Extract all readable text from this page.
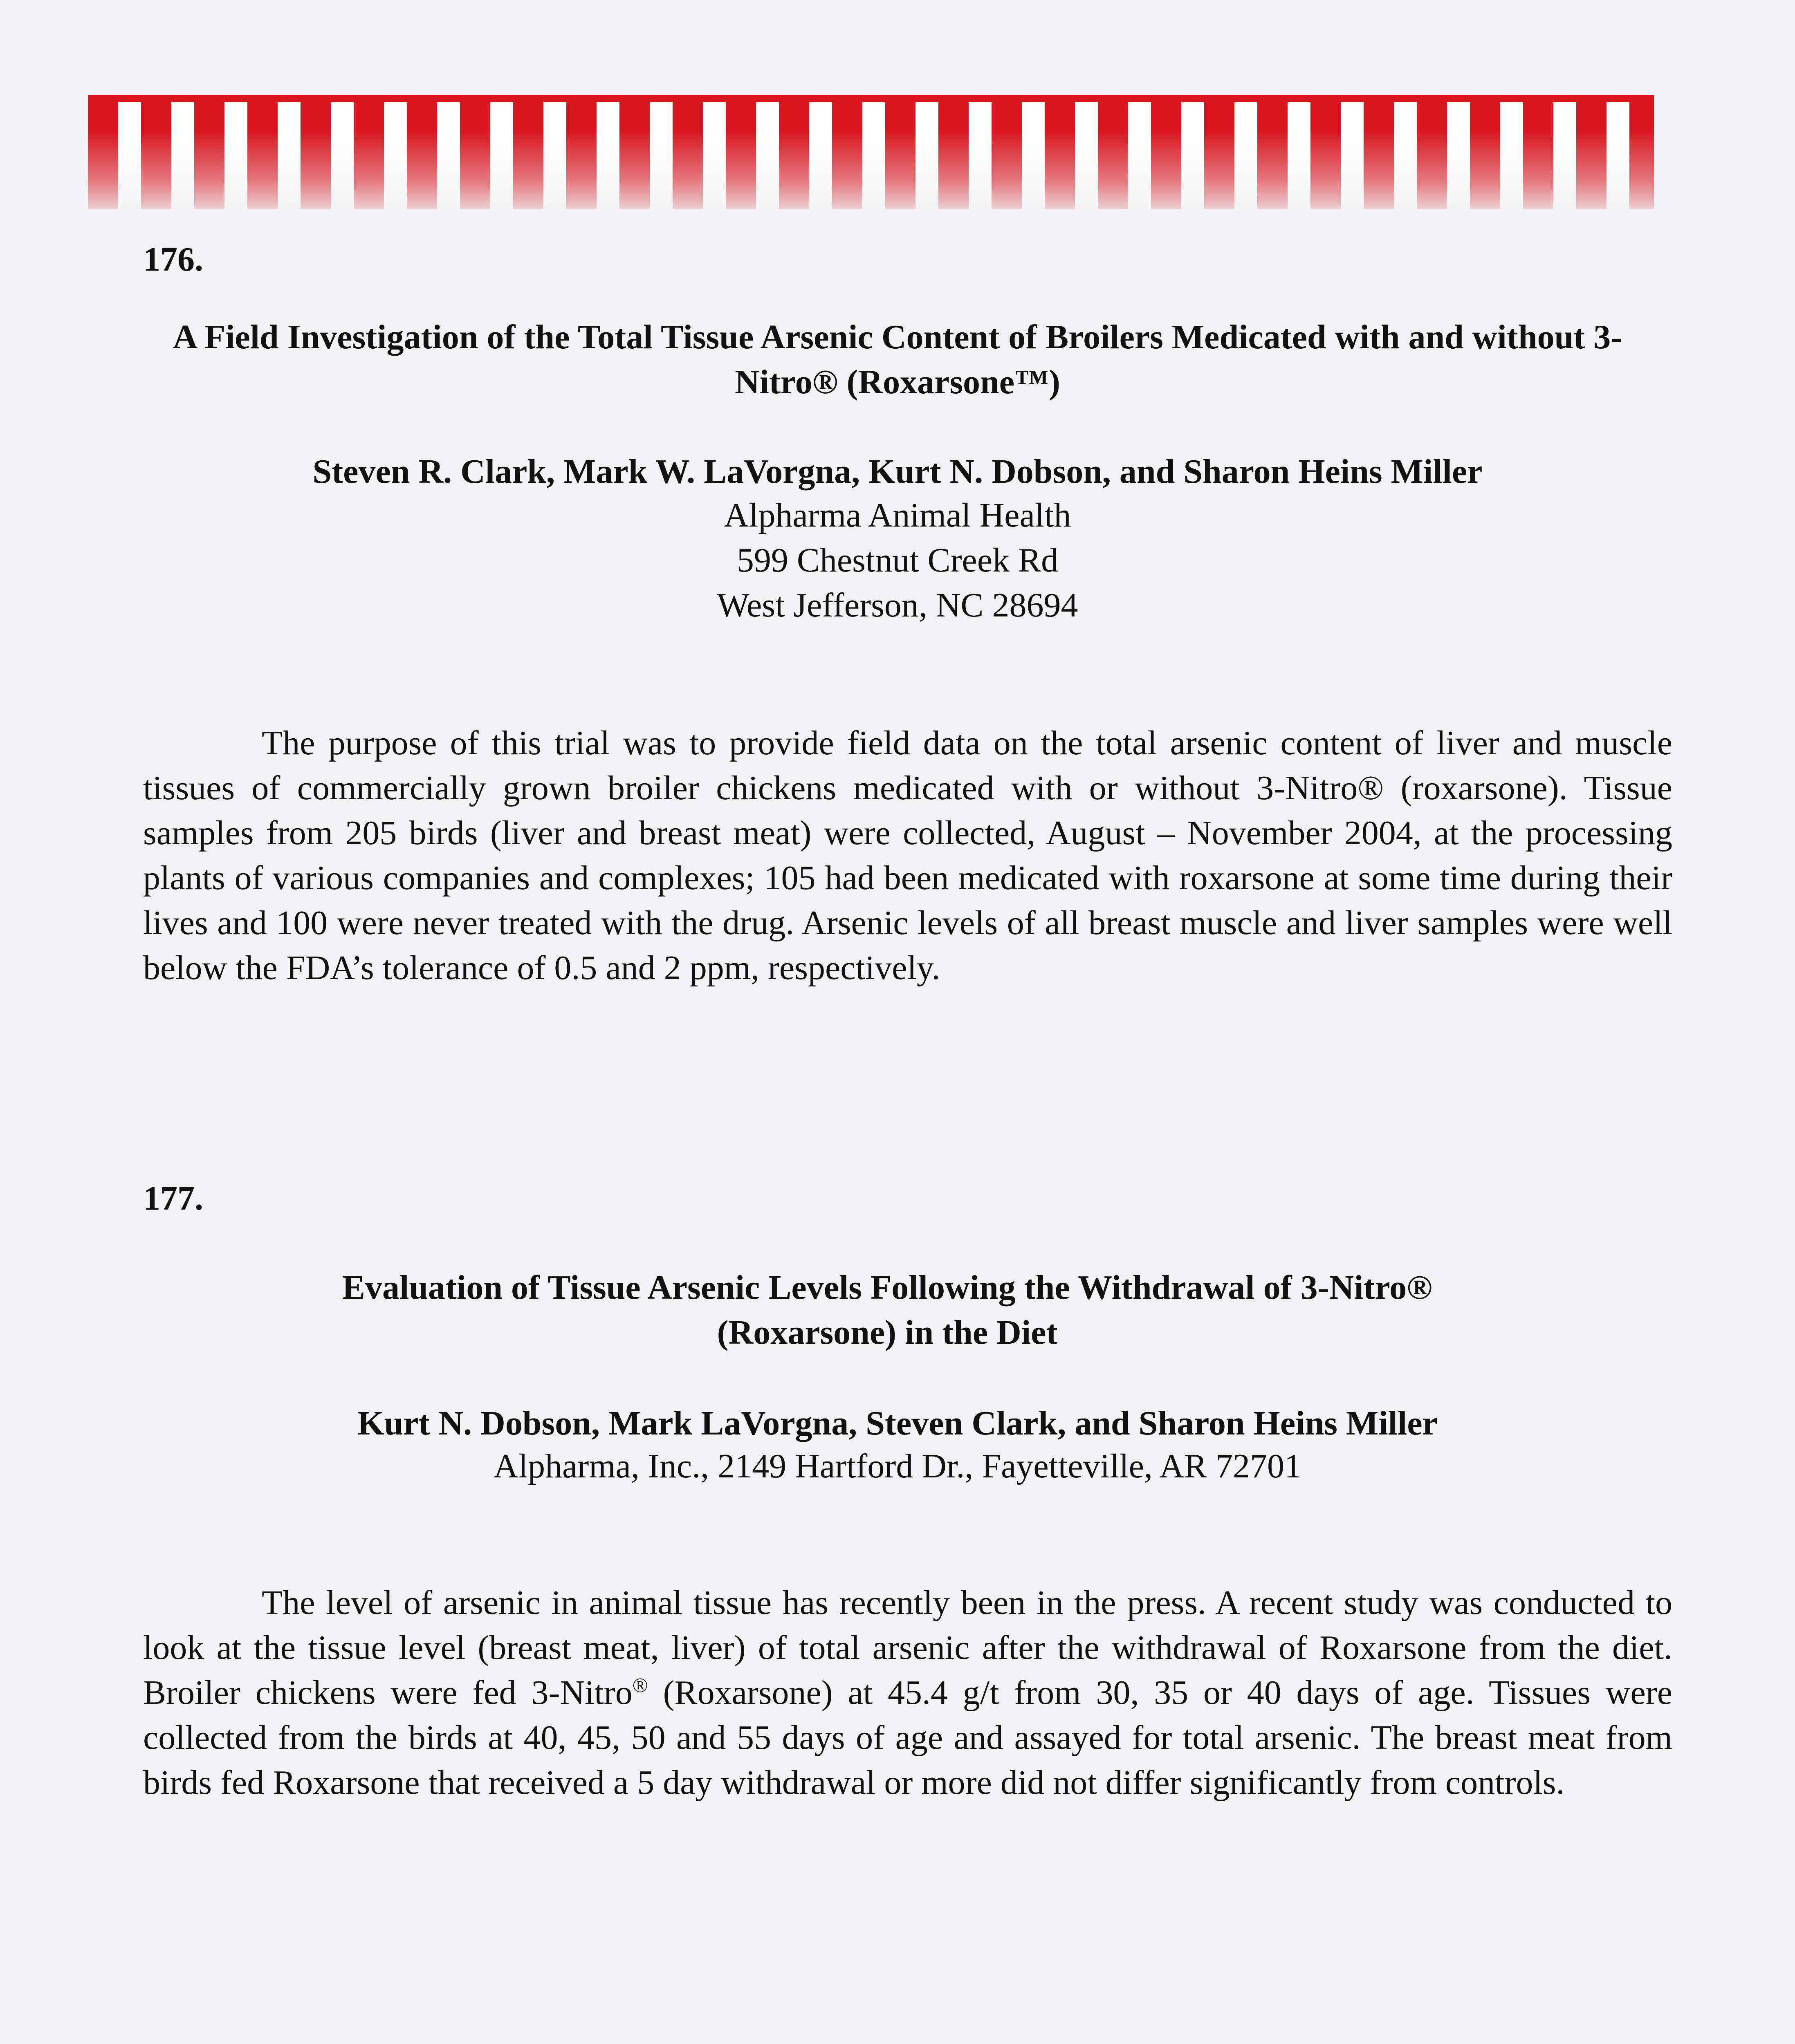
176.
A Field Investigation of the Total Tissue Arsenic Content of Broilers Medicated with and without 3-Nitro® (Roxarsone™)
Steven R. Clark, Mark W. LaVorgna, Kurt N. Dobson, and Sharon Heins Miller
Alpharma Animal Health
599 Chestnut Creek Rd
West Jefferson, NC 28694
The purpose of this trial was to provide field data on the total arsenic content of liver and muscle tissues of commercially grown broiler chickens medicated with or without 3-Nitro® (roxarsone). Tissue samples from 205 birds (liver and breast meat) were collected, August – November 2004, at the processing plants of various companies and complexes; 105 had been medicated with roxarsone at some time during their lives and 100 were never treated with the drug. Arsenic levels of all breast muscle and liver samples were well below the FDA’s tolerance of 0.5 and 2 ppm, respectively.
177.
Evaluation of Tissue Arsenic Levels Following the Withdrawal of 3-Nitro® (Roxarsone) in the Diet
Kurt N. Dobson, Mark LaVorgna, Steven Clark, and Sharon Heins Miller
Alpharma, Inc., 2149 Hartford Dr., Fayetteville, AR 72701
The level of arsenic in animal tissue has recently been in the press. A recent study was conducted to look at the tissue level (breast meat, liver) of total arsenic after the withdrawal of Roxarsone from the diet. Broiler chickens were fed 3-Nitro® (Roxarsone) at 45.4 g/t from 30, 35 or 40 days of age. Tissues were collected from the birds at 40, 45, 50 and 55 days of age and assayed for total arsenic. The breast meat from birds fed Roxarsone that received a 5 day withdrawal or more did not differ significantly from controls.
